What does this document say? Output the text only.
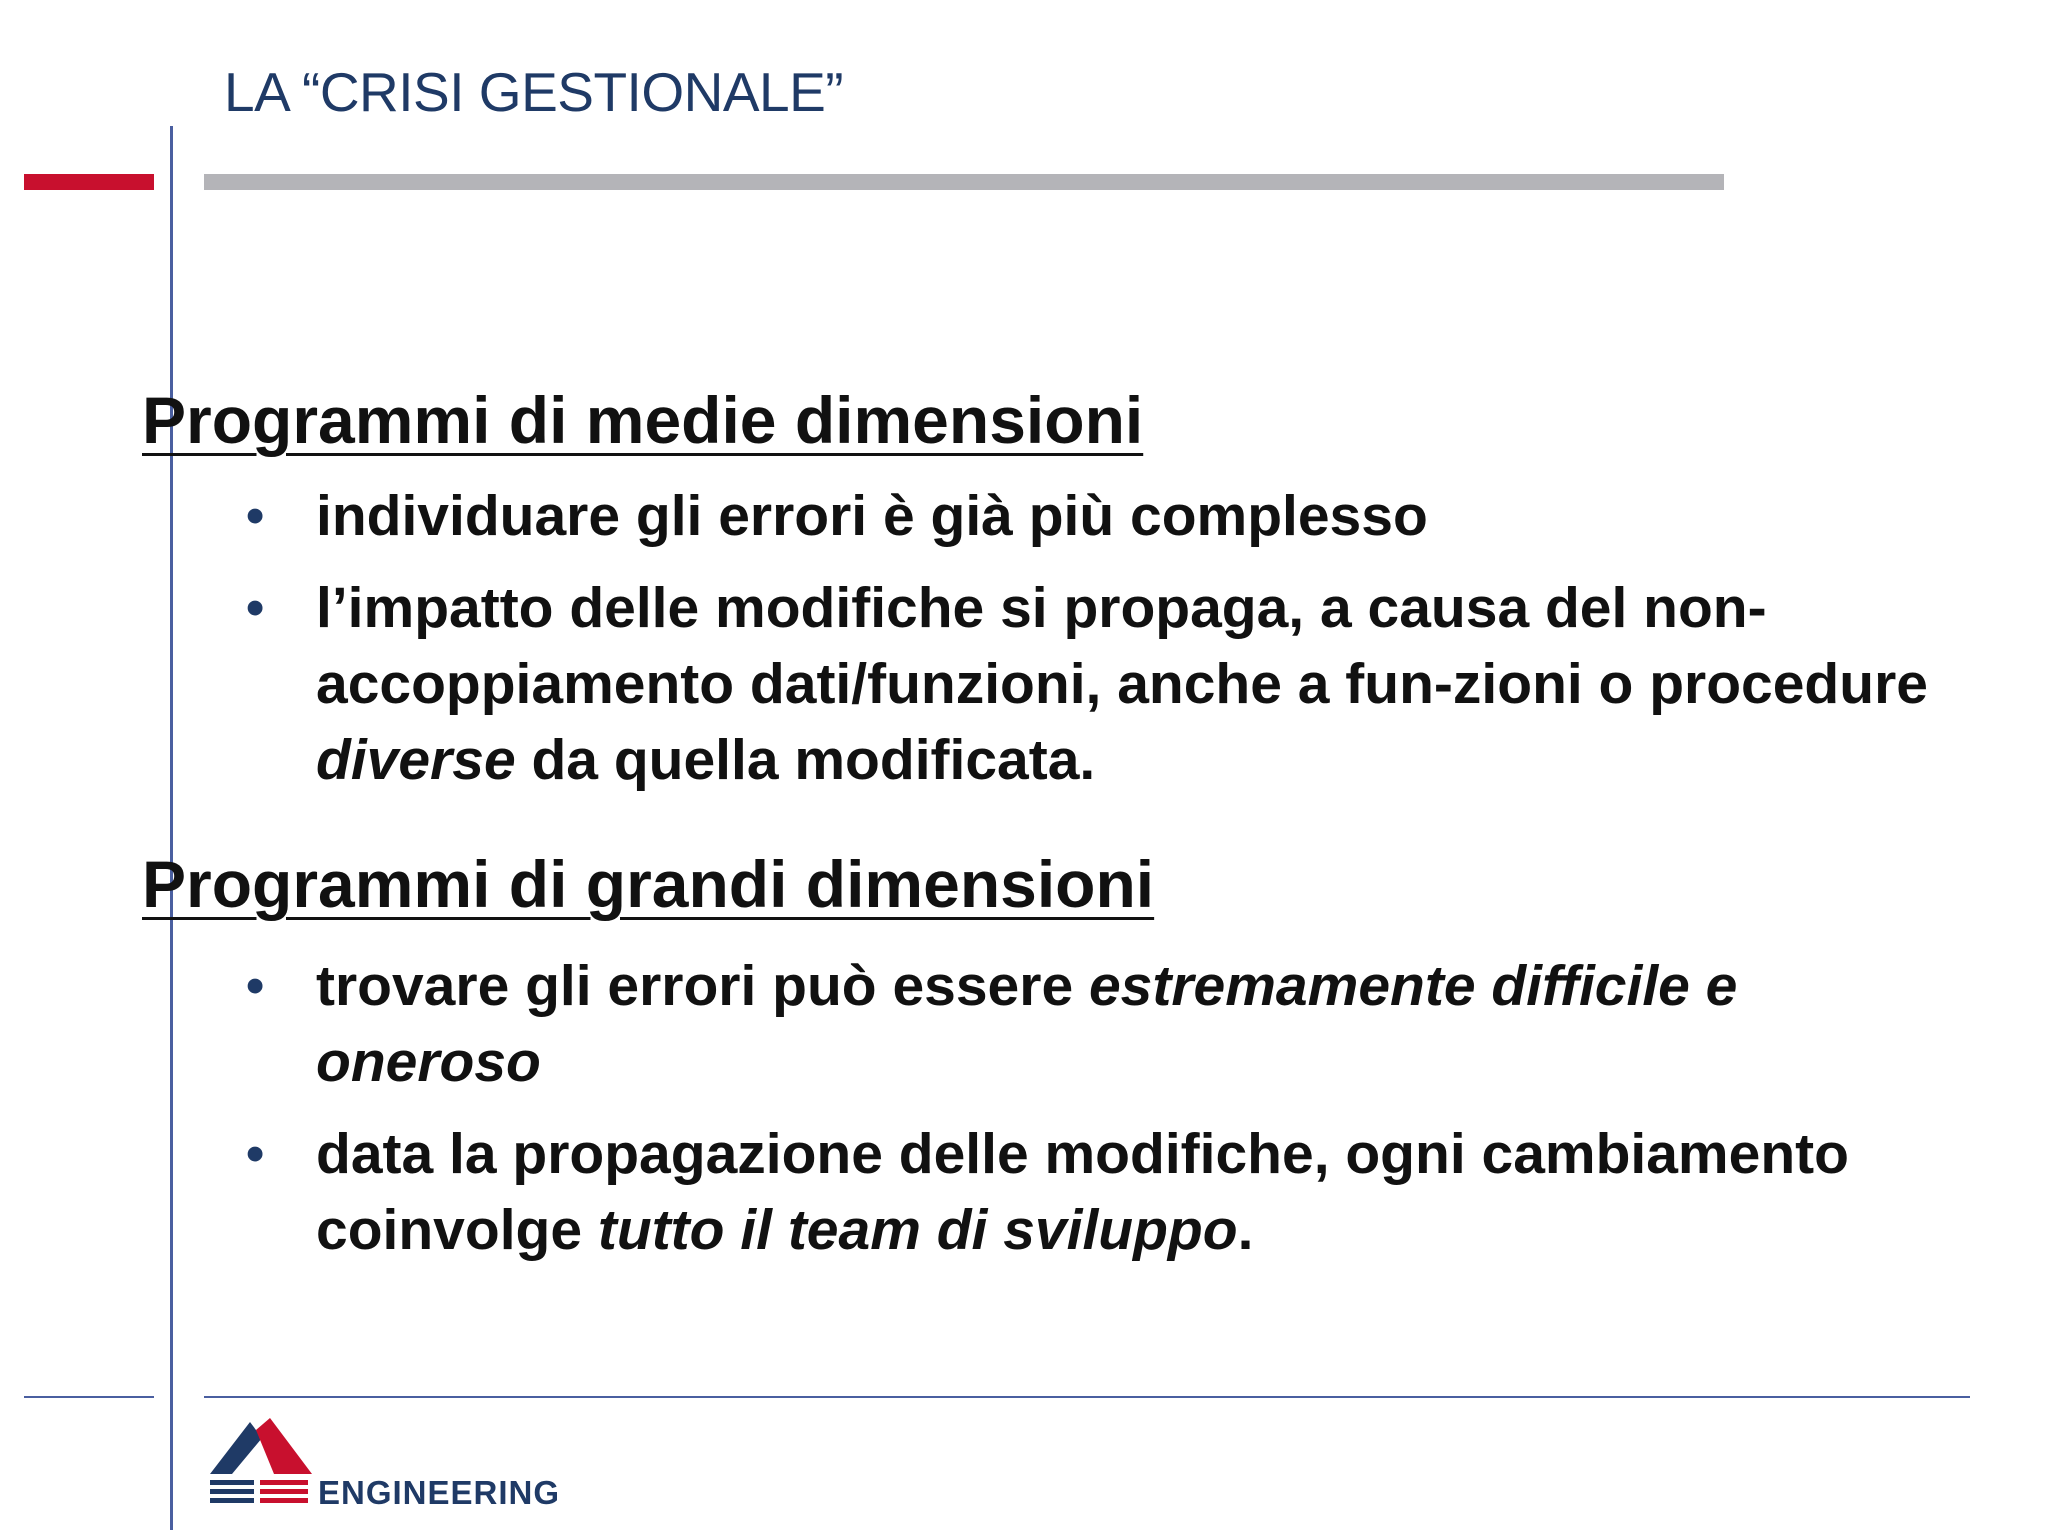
LA “CRISI GESTIONALE”
Programmi di medie dimensioni
• individuare gli errori è già più complesso
• l’impatto delle modifiche si propaga, a causa del non-accoppiamento dati/funzioni, anche a fun-zioni o procedure diverse da quella modificata.
Programmi di grandi dimensioni
• trovare gli errori può essere estremamente difficile e oneroso
• data la propagazione delle modifiche, ogni cambiamento coinvolge tutto il team di sviluppo.
ENGINEERING
